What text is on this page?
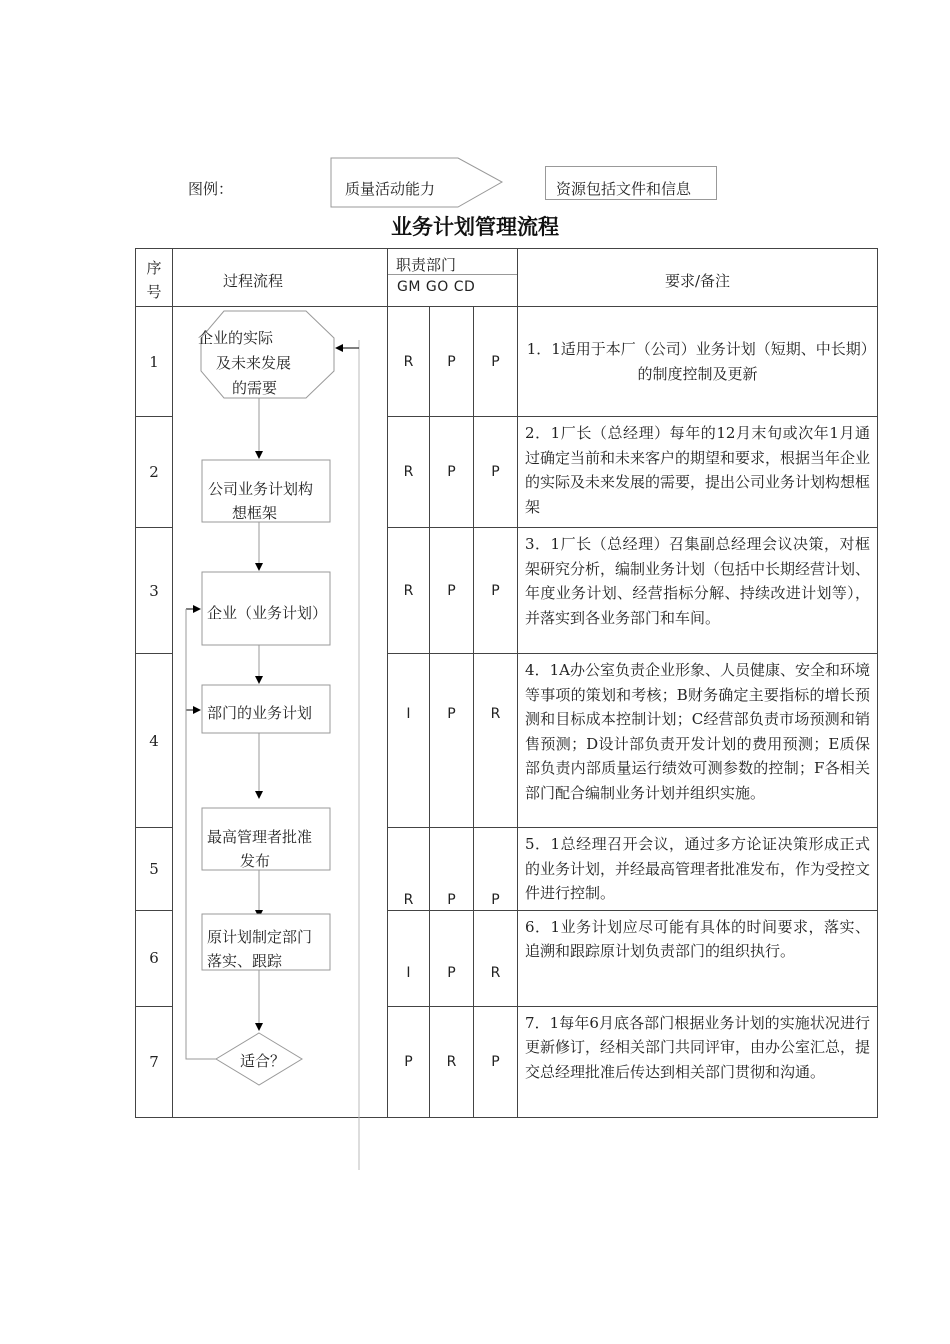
图例：	质量活动能力	资源包括文件和信息
业务计划管理流程
序
号	过程流程	职责部门
GM GO CD			要求/备注
1		R	P	P	1．1适用于本厂（公司）业务计划（短期、中长期）的制度控制及更新
2		R	P	P	2．1厂长（总经理）每年的12月末旬或次年1月通过确定当前和未来客户的期望和要求，根据当年企业的实际及未来发展的需要，提出公司业务计划构想框架
3		R	P	P	3．1厂长（总经理）召集副总经理会议决策，对框架研究分析，编制业务计划（包括中长期经营计划、年度业务计划、经营指标分解、持续改进计划等），并落实到各业务部门和车间。
4		I	P	R	4．1A办公室负责企业形象、人员健康、安全和环境等事项的策划和考核；B财务确定主要指标的增长预测和目标成本控制计划；C经营部负责市场预测和销售预测；D设计部负责开发计划的费用预测；E质保部负责内部质量运行绩效可测参数的控制；F各相关部门配合编制业务计划并组织实施。
5		R	P	P	5．1总经理召开会议，通过多方论证决策形成正式的业务计划，并经最高管理者批准发布，作为受控文件进行控制。
6		I	P	R	6．1业务计划应尽可能有具体的时间要求，落实、追溯和跟踪原计划负责部门的组织执行。
7		P	R	P	7．1每年6月底各部门根据业务计划的实施状况进行更新修订，经相关部门共同评审，由办公室汇总，提交总经理批准后传达到相关部门贯彻和沟通。
企业的实际
及未来发展
的需要
公司业务计划构
想框架
企业（业务计划）
部门的业务计划
最高管理者批准
发布
原计划制定部门
落实、跟踪
适合？
